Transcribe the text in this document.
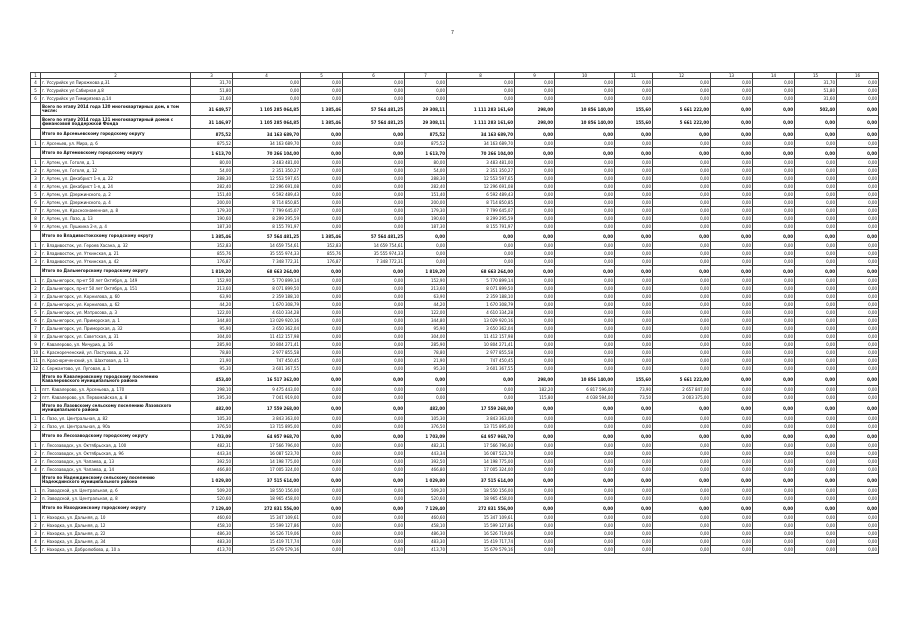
7
1	2	3	4	5	6	7	8	9	10	11	12	13	14	15	16
4	г. Уссурийск ул Пирожкова д.31	31,70	0,00	0,00	0,00	0,00	0,00	0,00	0,00	0,00	0,00	0,00	0,00	31,70	0,00
5	г. Уссурийск ул Сабирная д.8	51,80	0,00	0,00	0,00	0,00	0,00	0,00	0,00	0,00	0,00	0,00	0,00	51,80	0,00
6	г. Уссурийск ул Тимирязева д.14	31,60	0,00	0,00	0,00	0,00	0,00	0,00	0,00	0,00	0,00	0,00	0,00	31,60	0,00
	Всего по этапу 2014 года 120 многоквартирных дом, в том числе:	31 649,57	1 105 285 064,85	1 385,46	57 564 481,25	29 308,11	1 111 283 161,60	298,00	10 856 140,00	155,60	5 661 222,00	0,00	0,00	502,40	0,00
	Всего по этапу 2014 года 121 многоквартирный домов с финансовой поддержкой Фонда	31 146,97	1 105 285 064,85	1 385,46	57 564 481,25	29 308,11	1 111 283 161,60	298,00	10 856 140,00	155,60	5 661 222,00	0,00	0,00	0,00	0,00
	Итого по Арсеньевскому городскому округу	875,52	34 163 689,70	0,00	0,00	875,52	34 163 689,70	0,00	0,00	0,00	0,00	0,00	0,00	0,00	0,00
1	г. Арсеньев, ул. Мира, д. 6	875,52	34 163 689,70	0,00	0,00	875,52	34 163 689,70	0,00	0,00	0,00	0,00	0,00	0,00	0,00	0,00
	Итого по Артемовскому городскому округу	1 613,70	70 266 104,00	0,00	0,00	1 613,70	70 266 104,00	0,00	0,00	0,00	0,00	0,00	0,00	0,00	0,00
1	г. Артем, ул. Гоголя, д. 1	80,00	3 483 481,00	0,00	0,00	80,00	3 483 481,00	0,00	0,00	0,00	0,00	0,00	0,00	0,00	0,00
2	г. Артем, ул. Гоголя, д. 12	54,00	2 351 350,27	0,00	0,00	54,00	2 351 350,27	0,00	0,00	0,00	0,00	0,00	0,00	0,00	0,00
3	г. Артем, ул. Декабрист 1-я, д. 22	288,30	12 553 597,65	0,00	0,00	288,30	12 553 597,65	0,00	0,00	0,00	0,00	0,00	0,00	0,00	0,00
4	г. Артем, ул. Декабрист 1-я, д. 24	282,40	12 296 691,08	0,00	0,00	282,40	12 296 691,08	0,00	0,00	0,00	0,00	0,00	0,00	0,00	0,00
5	г. Артем, ул. Дзержинского, д. 2	151,40	6 592 489,43	0,00	0,00	151,40	6 592 489,43	0,00	0,00	0,00	0,00	0,00	0,00	0,00	0,00
6	г. Артем, ул. Дзержинского, д. 4	200,00	8 714 850,85	0,00	0,00	200,00	8 714 850,85	0,00	0,00	0,00	0,00	0,00	0,00	0,00	0,00
7	г. Артем, ул. Краснознаменная, д. 8	179,30	7 799 645,07	0,00	0,00	179,30	7 799 645,07	0,00	0,00	0,00	0,00	0,00	0,00	0,00	0,00
8	г. Артем, ул. Лазо, д. 13	190,60	8 299 295,59	0,00	0,00	190,60	8 299 295,59	0,00	0,00	0,00	0,00	0,00	0,00	0,00	0,00
9	г. Артем, ул. Пушкина 2-я, д. 4	187,30	8 155 791,97	0,00	0,00	187,30	8 155 791,97	0,00	0,00	0,00	0,00	0,00	0,00	0,00	0,00
	Итого по Владивостокскому городскому округу	1 385,46	57 564 481,25	1 385,46	57 564 481,25	0,00	0,00	0,00	0,00	0,00	0,00	0,00	0,00	0,00	0,00
1	г. Владивосток, ул. Героев Хасана, д. 32	352,83	14 659 754,61	352,83	14 659 754,61	0,00	0,00	0,00	0,00	0,00	0,00	0,00	0,00	0,00	0,00
2	г. Владивосток, ул. Уткинская, д. 21	855,76	35 555 974,33	855,76	35 555 974,33	0,00	0,00	0,00	0,00	0,00	0,00	0,00	0,00	0,00	0,00
3	г. Владивосток, ул. Уткинская, д. 42	176,87	7 348 772,31	176,87	7 348 772,31	0,00	0,00	0,00	0,00	0,00	0,00	0,00	0,00	0,00	0,00
	Итого по Дальнегорскому городскому округу	1 819,20	68 663 264,00	0,00	0,00	1 819,20	68 663 264,00	0,00	0,00	0,00	0,00	0,00	0,00	0,00	0,00
1	г. Дальнегорск, пр-кт 50 лет Октября, д. 149	152,90	5 770 899,14	0,00	0,00	152,90	5 770 899,14	0,00	0,00	0,00	0,00	0,00	0,00	0,00	0,00
2	г. Дальнегорск, пр-кт 50 лет Октября, д. 151	213,60	8 071 899,50	0,00	0,00	213,60	8 071 899,50	0,00	0,00	0,00	0,00	0,00	0,00	0,00	0,00
3	г. Дальнегорск, ул. Корнилова, д. 60	63,90	2 359 188,10	0,00	0,00	63,90	2 359 188,10	0,00	0,00	0,00	0,00	0,00	0,00	0,00	0,00
4	г. Дальнегорск, ул. Корнилова, д. 62	44,20	1 670 308,79	0,00	0,00	44,20	1 670 308,79	0,00	0,00	0,00	0,00	0,00	0,00	0,00	0,00
5	г. Дальнегорск, ул. Матросова, д. 3	122,00	4 610 334,28	0,00	0,00	122,00	4 610 334,28	0,00	0,00	0,00	0,00	0,00	0,00	0,00	0,00
6	г. Дальнегорск, ул. Приморская, д. 1	344,80	13 029 920,16	0,00	0,00	344,80	13 029 920,16	0,00	0,00	0,00	0,00	0,00	0,00	0,00	0,00
7	г. Дальнегорск, ул. Приморская, д. 32	95,90	3 650 362,04	0,00	0,00	95,90	3 650 362,04	0,00	0,00	0,00	0,00	0,00	0,00	0,00	0,00
8	г. Дальнегорск, ул. Советская, д. 31	304,00	11 412 157,98	0,00	0,00	304,00	11 412 157,98	0,00	0,00	0,00	0,00	0,00	0,00	0,00	0,00
9	г. Кавалеровo, ул. Мичуриа, д. 16	285,90	10 804 271,41	0,00	0,00	285,90	10 804 271,41	0,00	0,00	0,00	0,00	0,00	0,00	0,00	0,00
10	с. Краснореченский, ул. Пастухова, д. 22	78,80	2 977 855,58	0,00	0,00	78,80	2 977 855,58	0,00	0,00	0,00	0,00	0,00	0,00	0,00	0,00
11	п. Краснореченский, ул. Шахтовая, д. 13	21,90	747 450,45	0,00	0,00	21,90	747 450,45	0,00	0,00	0,00	0,00	0,00	0,00	0,00	0,00
12	с. Сержантово, ул. Луговая, д. 1	95,30	3 601 367,55	0,00	0,00	95,30	3 601 367,55	0,00	0,00	0,00	0,00	0,00	0,00	0,00	0,00
	Итого по Кавалеровскому городскому поселению Кавалеровского муниципального района	453,40	16 517 362,00	0,00	0,00	0,00	0,00	298,00	10 856 140,00	155,60	5 661 222,00	0,00	0,00	0,00	0,00
1	пгт. Кавалерово, ул. Арсеньева, д. 170	298,10	9 475 443,00	0,00	0,00	0,00	0,00	182,20	6 817 596,00	73,90	2 657 847,00	0,00	0,00	0,00	0,00
2	пгт. Кавалерово, ул. Первомайская, д. 8	195,30	7 041 919,00	0,00	0,00	0,00	0,00	115,80	4 038 594,00	73,50	3 003 375,00	0,00	0,00	0,00	0,00
	Итого по Лазовскому сельскому поселению Лазовского муниципального района	482,00	17 559 268,00	0,00	0,00	482,00	17 559 268,00	0,00	0,00	0,00	0,00	0,00	0,00	0,00	0,00
1	с. Лазо, ул. Центральная, д. 82	105,30	3 843 363,00	0,00	0,00	105,30	3 843 363,00	0,00	0,00	0,00	0,00	0,00	0,00	0,00	0,00
2	с. Лазо, ул. Центральная, д. 90а	376,50	13 715 895,00	0,00	0,00	376,50	13 715 895,00	0,00	0,00	0,00	0,00	0,00	0,00	0,00	0,00
	Итого по Лесозаводскому городскому округу	1 703,09	64 957 968,70	0,00	0,00	1 703,09	64 957 968,70	0,00	0,00	0,00	0,00	0,00	0,00	0,00	0,00
1	г. Лесозаводск, ул. Октябрьская, д. 100	482,31	17 566 796,00	0,00	0,00	482,31	17 566 796,00	0,00	0,00	0,00	0,00	0,00	0,00	0,00	0,00
2	г. Лесозаводск, ул. Октябрьская, д. 96	443,34	16 087 523,70	0,00	0,00	443,34	16 087 523,70	0,00	0,00	0,00	0,00	0,00	0,00	0,00	0,00
3	г. Лесозаводск, ул. Чапаева, д. 13	392,50	14 198 775,00	0,00	0,00	392,50	14 198 775,00	0,00	0,00	0,00	0,00	0,00	0,00	0,00	0,00
4	г. Лесозаводск, ул. Чапаева, д. 14	466,80	17 005 324,00	0,00	0,00	466,80	17 005 324,00	0,00	0,00	0,00	0,00	0,00	0,00	0,00	0,00
	Итого по Надеждинскому сельскому поселению Надеждинского муниципального района	1 029,80	37 515 614,00	0,00	0,00	1 029,80	37 515 614,00	0,00	0,00	0,00	0,00	0,00	0,00	0,00	0,00
1	п. Заводской, ул. Центральная, д. 6	509,20	18 550 156,00	0,00	0,00	509,20	18 550 156,00	0,00	0,00	0,00	0,00	0,00	0,00	0,00	0,00
2	п. Заводской, ул. Центральная, д. 8	520,60	18 965 458,00	0,00	0,00	520,60	18 965 458,00	0,00	0,00	0,00	0,00	0,00	0,00	0,00	0,00
	Итого по Находкинскому городскому округу	7 129,40	272 831 556,00	0,00	0,00	7 129,40	272 831 556,00	0,00	0,00	0,00	0,00	0,00	0,00	0,00	0,00
1	г. Находка, ул. Дальняя, д. 10	460,60	15 347 109,61	0,00	0,00	460,60	15 347 109,61	0,00	0,00	0,00	0,00	0,00	0,00	0,00	0,00
2	г. Находка, ул. Дальняя, д. 12	458,10	15 599 127,86	0,00	0,00	458,10	15 599 127,86	0,00	0,00	0,00	0,00	0,00	0,00	0,00	0,00
3	г. Находка, ул. Дальняя, д. 22	486,30	16 526 719,06	0,00	0,00	486,30	16 526 719,06	0,00	0,00	0,00	0,00	0,00	0,00	0,00	0,00
4	г. Находка, ул. Дальняя, д. 34	483,30	15 419 717,74	0,00	0,00	483,30	15 419 717,74	0,00	0,00	0,00	0,00	0,00	0,00	0,00	0,00
5	г. Находка, ул. Добролюбова, д. 10 а	413,70	15 679 579,16	0,00	0,00	413,70	15 679 579,16	0,00	0,00	0,00	0,00	0,00	0,00	0,00	0,00
